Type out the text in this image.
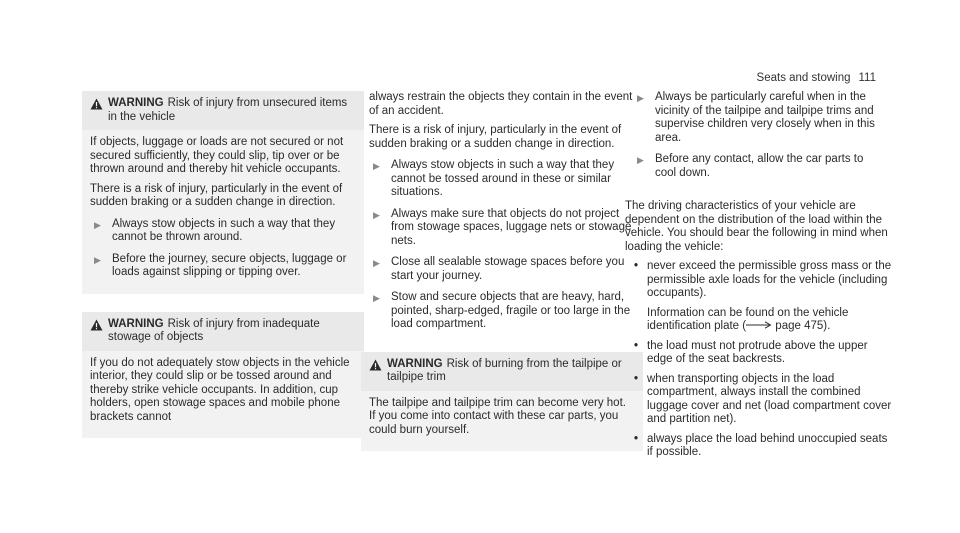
Seats and stowing 111
WARNING Risk of injury from unsecured items in the vehicle

If objects, luggage or loads are not secured or not secured sufficiently, they could slip, tip over or be thrown around and thereby hit vehicle occupants.

There is a risk of injury, particularly in the event of sudden braking or a sudden change in direction.

▶ Always stow objects in such a way that they cannot be thrown around.
▶ Before the journey, secure objects, luggage or loads against slipping or tipping over.
WARNING Risk of injury from inadequate stowage of objects

If you do not adequately stow objects in the vehicle interior, they could slip or be tossed around and thereby strike vehicle occupants. In addition, cup holders, open stowage spaces and mobile phone brackets cannot

always restrain the objects they contain in the event of an accident.

There is a risk of injury, particularly in the event of sudden braking or a sudden change in direction.

▶ Always stow objects in such a way that they cannot be tossed around in these or similar situations.
▶ Always make sure that objects do not project from stowage spaces, luggage nets or stowage nets.
▶ Close all sealable stowage spaces before you start your journey.
▶ Stow and secure objects that are heavy, hard, pointed, sharp-edged, fragile or too large in the load compartment.
WARNING Risk of burning from the tailpipe or tailpipe trim

The tailpipe and tailpipe trim can become very hot. If you come into contact with these car parts, you could burn yourself.

▶ Always be particularly careful when in the vicinity of the tailpipe and tailpipe trims and supervise children very closely when in this area.
▶ Before any contact, allow the car parts to cool down.

The driving characteristics of your vehicle are dependent on the distribution of the load within the vehicle. You should bear the following in mind when loading the vehicle:

• never exceed the permissible gross mass or the permissible axle loads for the vehicle (including occupants).
Information can be found on the vehicle identification plate (	page 475).
• the load must not protrude above the upper edge of the seat backrests.
• when transporting objects in the load compartment, always install the combined luggage cover and net (load compartment cover and partition net).
• always place the load behind unoccupied seats if possible.
